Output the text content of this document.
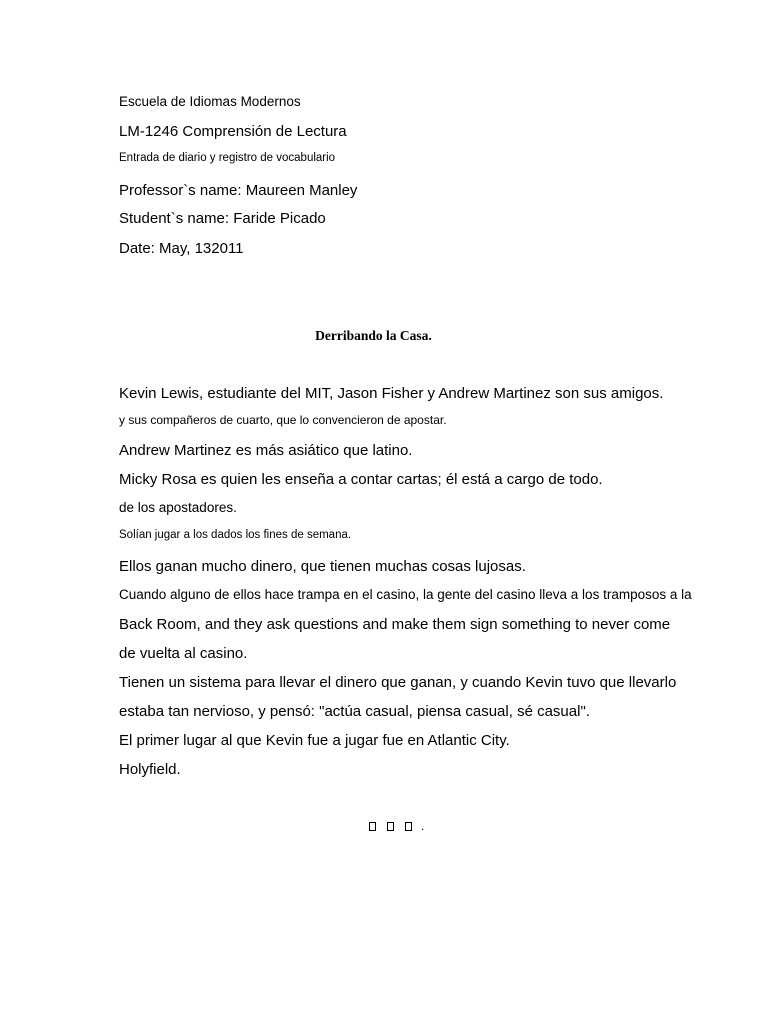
Escuela de Idiomas Modernos
LM-1246 Comprensión de Lectura
Entrada de diario y registro de vocabulario
Professor`s name: Maureen Manley
Student`s name: Faride Picado
Date: May, 132011
Derribando la Casa.
Kevin Lewis, estudiante del MIT, Jason Fisher y Andrew Martinez son sus amigos.
y sus compañeros de cuarto, que lo convencieron de apostar.
Andrew Martinez es más asiático que latino.
Micky Rosa es quien les enseña a contar cartas; él está a cargo de todo.
de los apostadores.
Solían jugar a los dados los fines de semana.
Ellos ganan mucho dinero, que tienen muchas cosas lujosas.
Cuando alguno de ellos hace trampa en el casino, la gente del casino lleva a los tramposos a la
Back Room, and they ask questions and make them sign something to never come
de vuelta al casino.
Tienen un sistema para llevar el dinero que ganan, y cuando Kevin tuvo que llevarlo
estaba tan nervioso, y pensó: "actúa casual, piensa casual, sé casual".
El primer lugar al que Kevin fue a jugar fue en Atlantic City.
Holyfield.
.
